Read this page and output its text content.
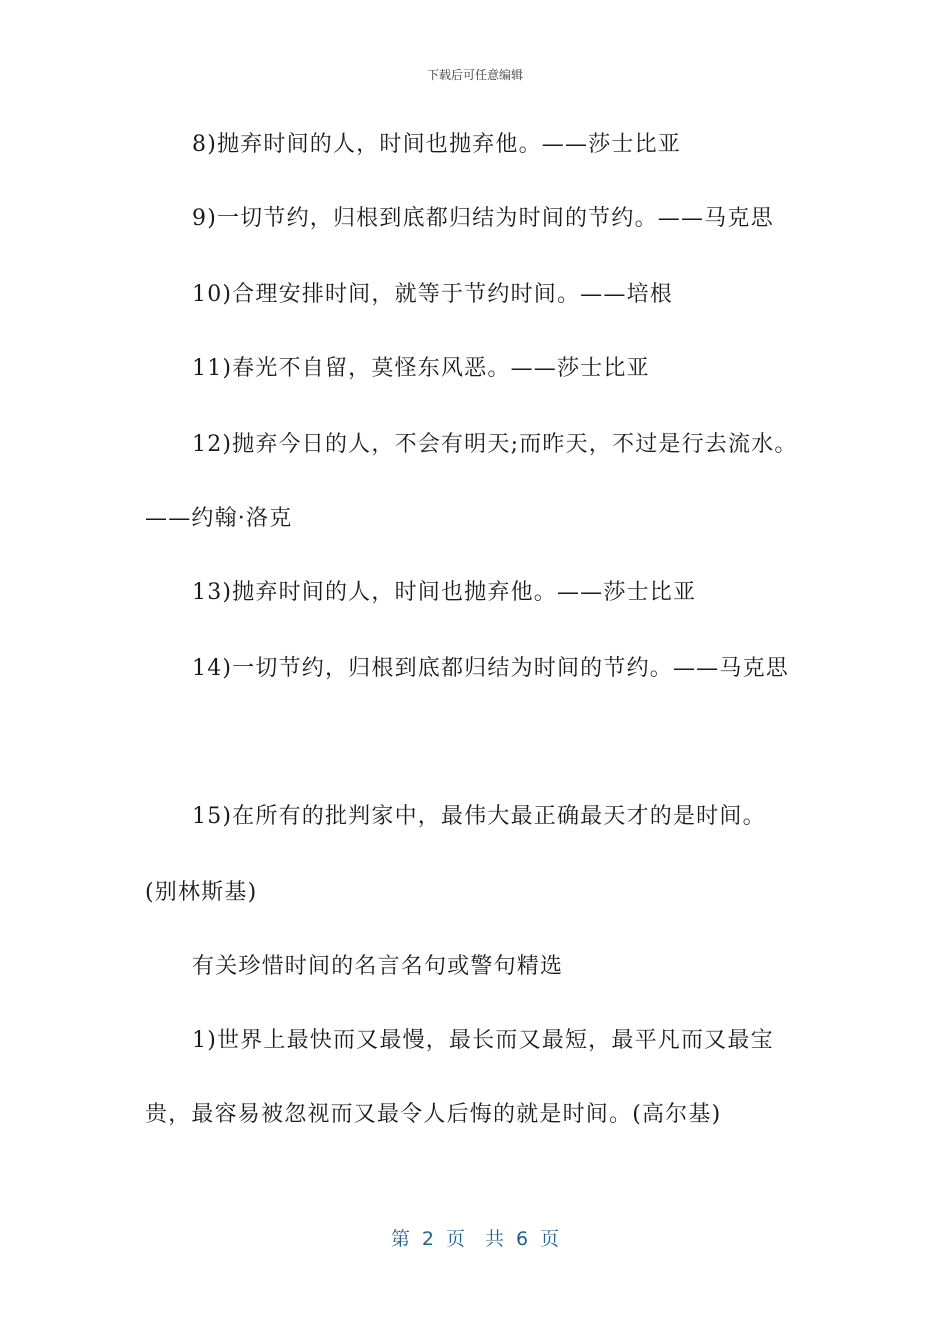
下载后可任意编辑
8)抛弃时间的人，时间也抛弃他。——莎士比亚
9)一切节约，归根到底都归结为时间的节约。——马克思
10)合理安排时间，就等于节约时间。——培根
11)春光不自留，莫怪东风恶。——莎士比亚
12)抛弃今日的人，不会有明天;而昨天，不过是行去流水。
——约翰·洛克
13)抛弃时间的人，时间也抛弃他。——莎士比亚
14)一切节约，归根到底都归结为时间的节约。——马克思
15)在所有的批判家中，最伟大最正确最天才的是时间。
(别林斯基)
有关珍惜时间的名言名句或警句精选
1)世界上最快而又最慢，最长而又最短，最平凡而又最宝
贵，最容易被忽视而又最令人后悔的就是时间。(高尔基)
第 2 页 共 6 页
